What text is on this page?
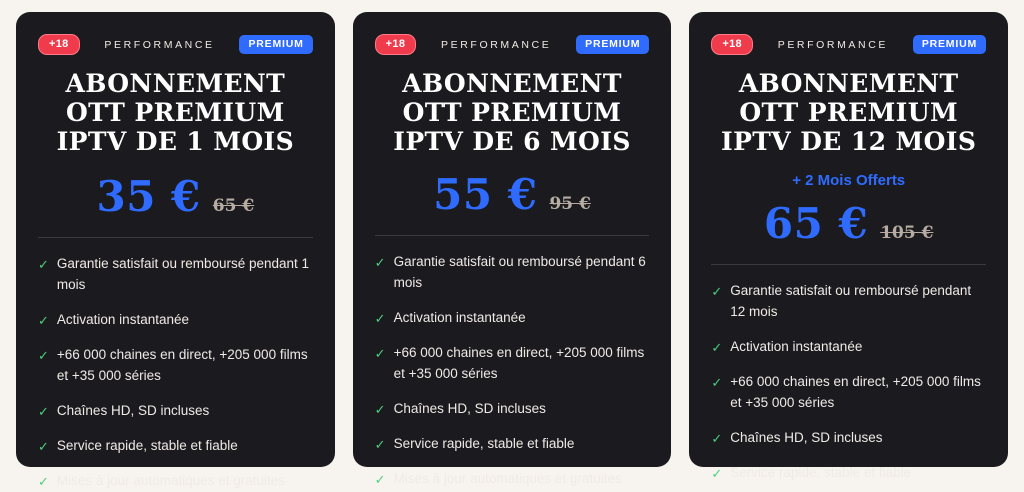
+18	PERFORMANCE	PREMIUM
ABONNEMENT OTT PREMIUM IPTV DE 1 MOIS
35 € 65 €
✓ Garantie satisfait ou remboursé pendant 1 mois
✓ Activation instantanée
✓ +66 000 chaines en direct, +205 000 films et +35 000 séries
✓ Chaînes HD, SD incluses
✓ Service rapide, stable et fiable
✓ Mises à jour automatiques et gratuites
+18	PERFORMANCE	PREMIUM
ABONNEMENT OTT PREMIUM IPTV DE 6 MOIS
55 € 95 €
✓ Garantie satisfait ou remboursé pendant 6 mois
✓ Activation instantanée
✓ +66 000 chaines en direct, +205 000 films et +35 000 séries
✓ Chaînes HD, SD incluses
✓ Service rapide, stable et fiable
✓ Mises à jour automatiques et gratuites
+18	PERFORMANCE	PREMIUM
ABONNEMENT OTT PREMIUM IPTV DE 12 MOIS
+ 2 Mois Offerts
65 € 105 €
✓ Garantie satisfait ou remboursé pendant 12 mois
✓ Activation instantanée
✓ +66 000 chaines en direct, +205 000 films et +35 000 séries
✓ Chaînes HD, SD incluses
✓ Service rapide, stable et fiable
